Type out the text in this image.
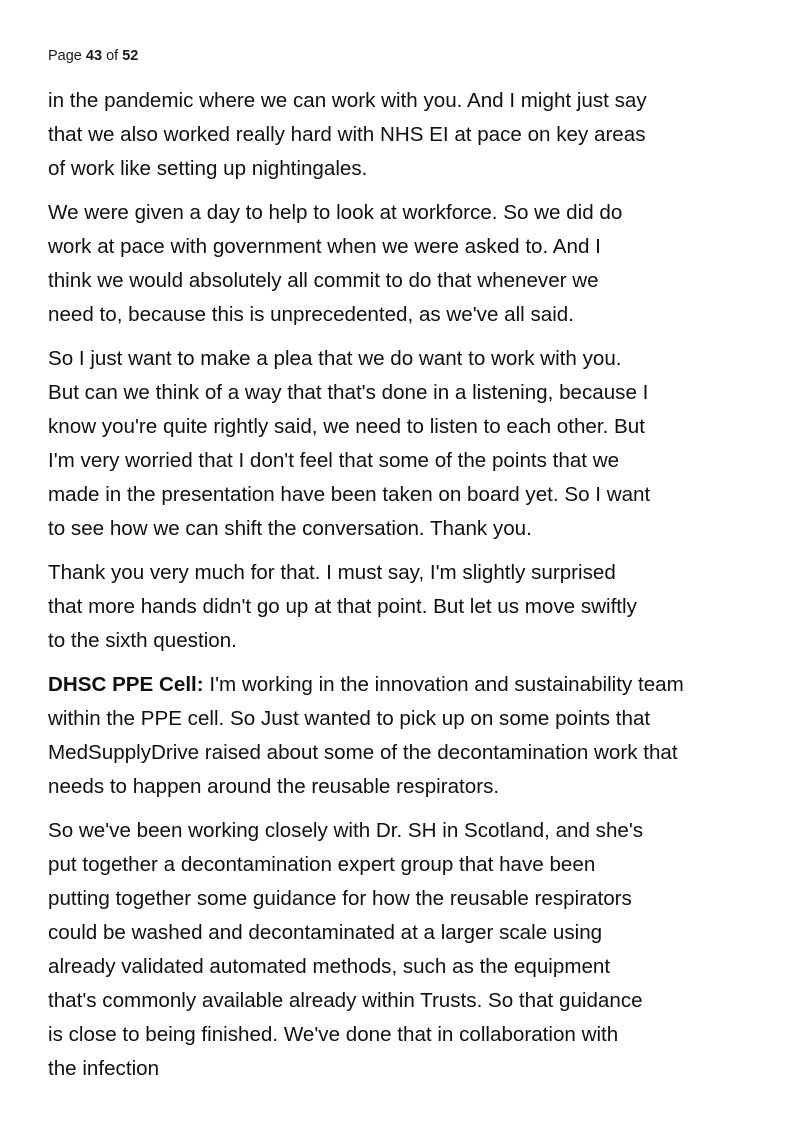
Page 43 of 52

in the pandemic where we can work with you. And I might just say
that we also worked really hard with NHS EI at pace on key areas
of work like setting up nightingales.

We were given a day to help to look at workforce. So we did do
work at pace with government when we were asked to. And I
think we would absolutely all commit to do that whenever we
need to, because this is unprecedented, as we've all said.

So I just want to make a plea that we do want to work with you.
But can we think of a way that that's done in a listening, because I
know you're quite rightly said, we need to listen to each other. But
I'm very worried that I don't feel that some of the points that we
made in the presentation have been taken on board yet. So I want
to see how we can shift the conversation. Thank you.

Thank you very much for that. I must say, I'm slightly surprised
that more hands didn't go up at that point. But let us move swiftly
to the sixth question.

DHSC PPE Cell: I'm working in the innovation and sustainability team
within the PPE cell. So Just wanted to pick up on some points that
MedSupplyDrive raised about some of the decontamination work that
needs to happen around the reusable respirators.

So we've been working closely with Dr. SH in Scotland, and she's
put together a decontamination expert group that have been
putting together some guidance for how the reusable respirators
could be washed and decontaminated at a larger scale using
already validated automated methods, such as the equipment
that's commonly available already within Trusts. So that guidance
is close to being finished. We've done that in collaboration with
the infection
